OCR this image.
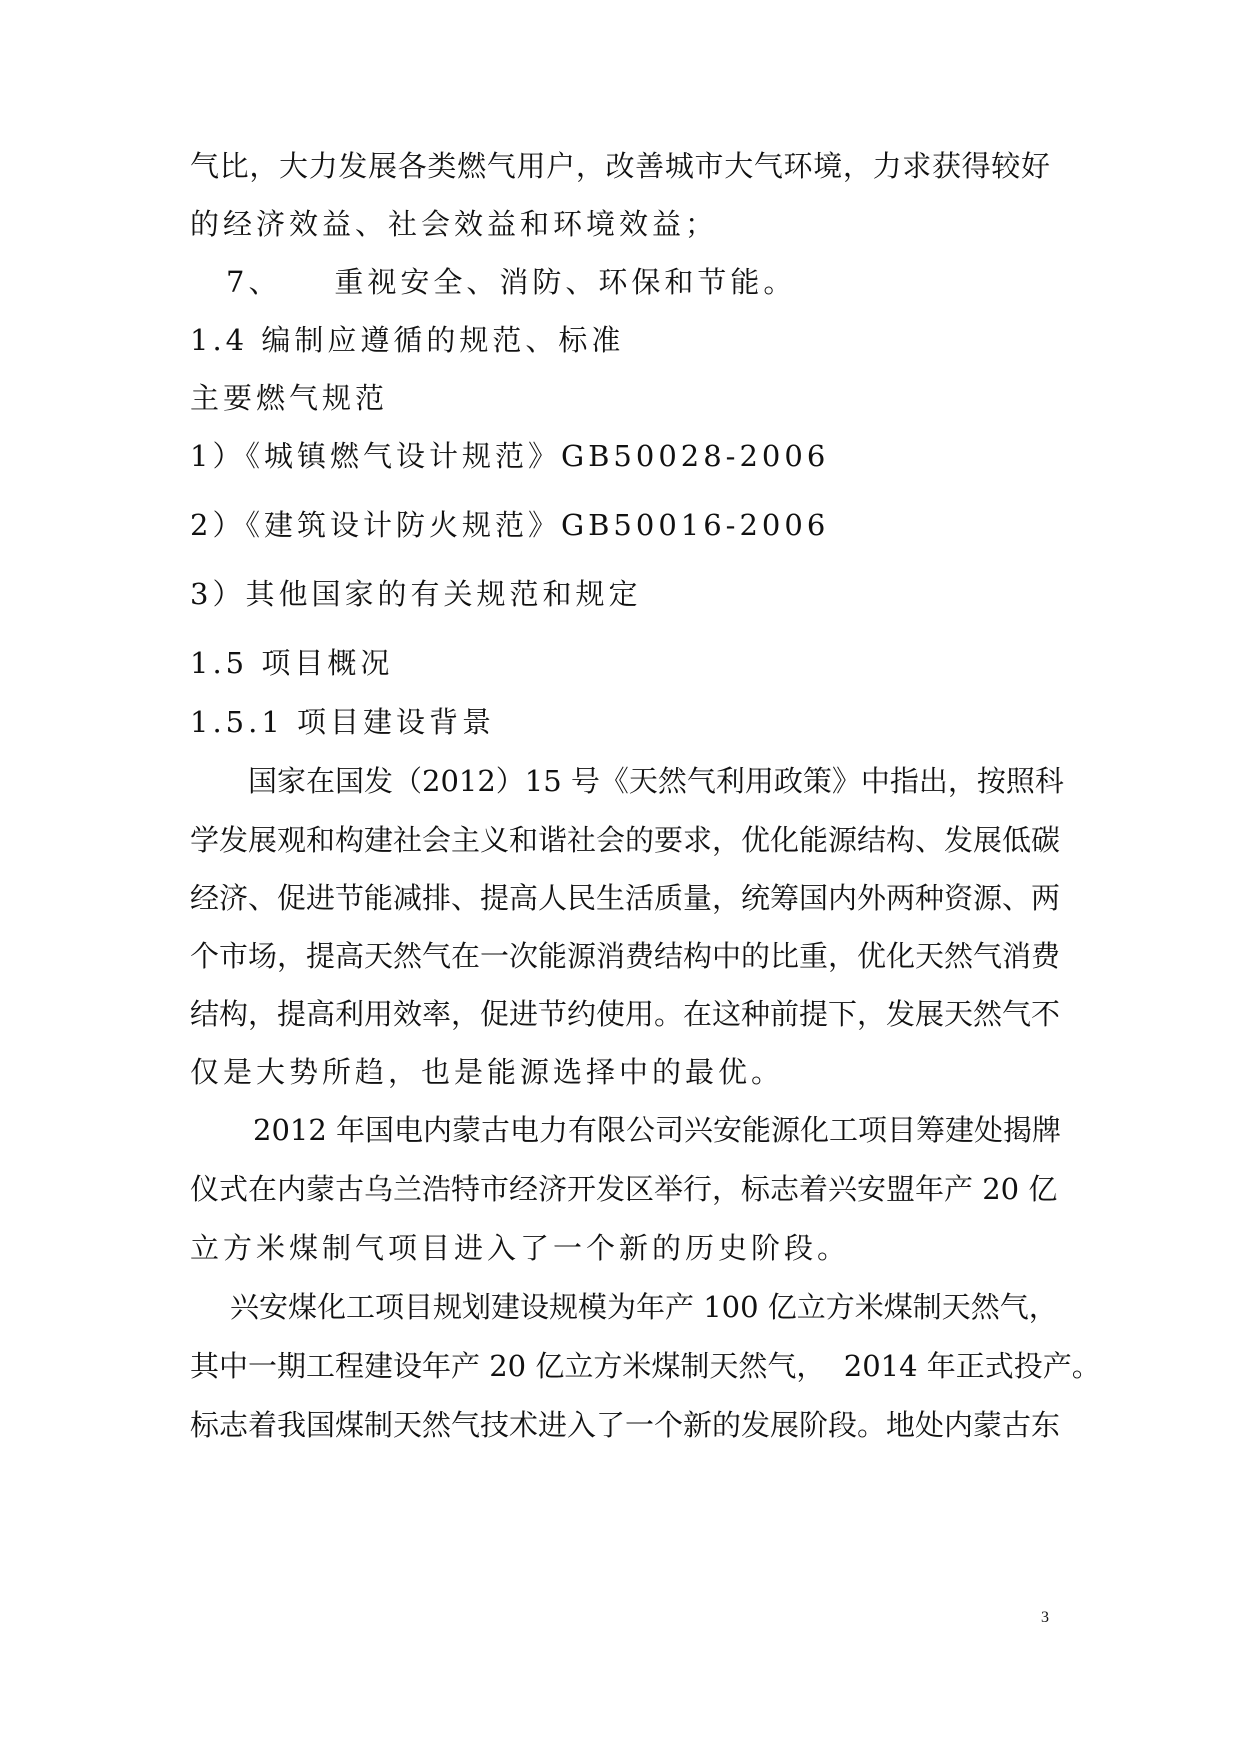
气比，大力发展各类燃气用户，改善城市大气环境，力求获得较好
的经济效益、社会效益和环境效益；
7、    重视安全、消防、环保和节能。
1.4 编制应遵循的规范、标准
主要燃气规范
1）《城镇燃气设计规范》GB50028-2006
2）《建筑设计防火规范》GB50016-2006
3）其他国家的有关规范和规定
1.5 项目概况
1.5.1 项目建设背景
国家在国发（2012）15 号《天然气利用政策》中指出，按照科
学发展观和构建社会主义和谐社会的要求，优化能源结构、发展低碳
经济、促进节能减排、提高人民生活质量，统筹国内外两种资源、两
个市场，提高天然气在一次能源消费结构中的比重，优化天然气消费
结构，提高利用效率，促进节约使用。在这种前提下，发展天然气不
仅是大势所趋，也是能源选择中的最优。
2012 年国电内蒙古电力有限公司兴安能源化工项目筹建处揭牌
仪式在内蒙古乌兰浩特市经济开发区举行，标志着兴安盟年产 20 亿
立方米煤制气项目进入了一个新的历史阶段。
兴安煤化工项目规划建设规模为年产 100 亿立方米煤制天然气，
其中一期工程建设年产 20 亿立方米煤制天然气，  2014 年正式投产。
标志着我国煤制天然气技术进入了一个新的发展阶段。地处内蒙古东
3
